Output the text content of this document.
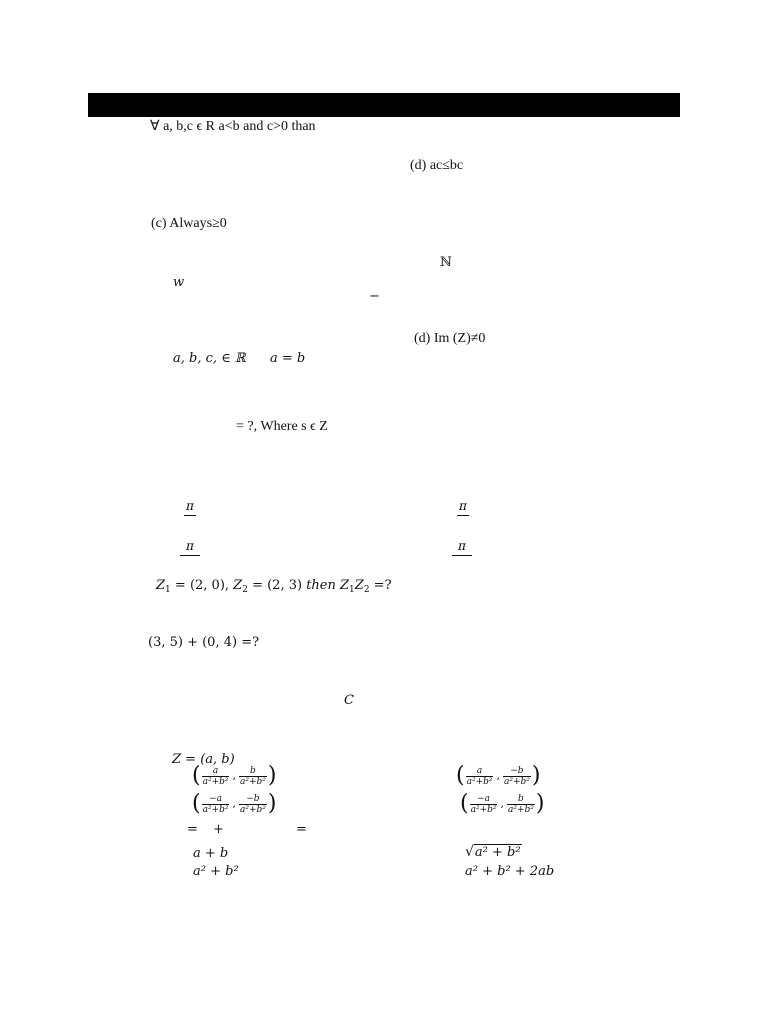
∀ a, b,c ϵ R a<b and c>0 than
(d) ac≤bc
(c) Always≥0
ℕ
w
−
(d) Im (Z)≠0
a, b, c, ∈ ℝ a = b
= ?, Where s ϵ Z
π	π
π	π
$Z_1 = (2$, 0), $Z_2 = (2$, 3) then $Z_1Z_2$ =?
(3, 5) + (0, 4) =?
C
Z = (a, b)
( $\frac{a}{\text{a²+b²}}$ , $\frac{b}{\text{a²+b²}}$ )	( $\frac{a}{\text{a²+b²}}$ , $\frac{-b}{\text{a²+b²}}$ )
( $\frac{-a}{\text{a²+b²}}$ , $\frac{-b}{\text{a²+b²}}$ )	( $\frac{-a}{\text{a²+b²}}$ , $\frac{b}{\text{a²+b²}}$ )
= +	=
a + b	√a² + b²
a² + b²	a² + b² + 2ab
